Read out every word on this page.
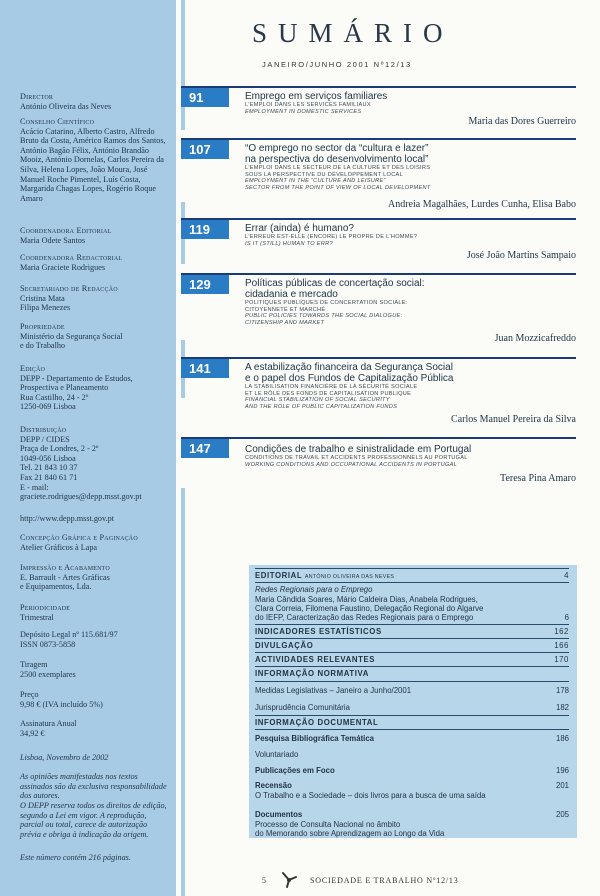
Director
António Oliveira das Neves
Conselho Científico
Acácio Catarino, Alberto Castro, Alfredo Bruto da Costa, Américo Ramos dos Santos, António Bagão Félix, António Brandão Mooiz, António Dornelas, Carlos Pereira da Silva, Helena Lopes, João Moura, José Manuel Roche Pimentel, Luís Costa, Margarida Chagas Lopes, Rogério Roque Amaro
Coordenadora Editorial
Maria Odete Santos
Coordenadora Redactorial
Maria Graciete Rodrigues
Secretariado de Redacção
Cristina Mata
Filipa Menezes
Propriedade
Ministério da Segurança Social
e do Trabalho
Edição
DEPP - Departamento de Estudos,
Prospectiva e Planeamento
Rua Castilho, 24 - 2º
1250-069 Lisboa
Distribuição
DEPP / CIDES
Praça de Londres, 2 - 2º
1049-056 Lisboa
Tel. 21 843 10 37
Fax 21 840 61 71
E - mail:
graciete.rodrigues@depp.msst.gov.pt
http://www.depp.msst.gov.pt
Concepção Gráfica e Paginação
Atelier Gráficos à Lapa
Impressão e Acabamento
E. Barrault - Artes Gráficas
e Equipamentos, Lda.
Periodicidade
Trimestral
Depósito Legal nº 115.681/97
ISSN 0873-5858
Tiragem
2500 exemplares
Preço
9,98 € (IVA incluído 5%)
Assinatura Anual
34,92 €
Lisboa, Novembro de 2002
As opiniões manifestadas nos textos assinados são da exclusiva responsabilidade dos autores.
O DEPP reserva todos os direitos de edição, segundo a Lei em vigor. A reprodução, parcial ou total, carece de autorização prévia e obriga à indicação da origem.
Este número contém 216 páginas.
SUMÁRIO
JANEIRO/JUNHO 2001 Nº12/13
91	Emprego em serviços familiares
L'EMPLOI DANS LES SERVICES FAMILIAUX
EMPLOYMENT IN DOMESTIC SERVICES
Maria das Dores Guerreiro
107	“O emprego no sector da “cultura e lazer”
na perspectiva do desenvolvimento local”
L'EMPLOI DANS LE SECTEUR DE LA CULTURE ET DES LOISIRS
SOUS LA PERSPECTIVE DU DÉVELOPPEMENT LOCAL
EMPLOYMENT IN THE “CULTURE AND LEISURE”
SECTOR FROM THE POINT OF VIEW OF LOCAL DEVELOPMENT
Andreia Magalhães, Lurdes Cunha, Elisa Babo
119	Errar (ainda) é humano?
L'ERREUR EST-ELLE (ENCORE) LE PROPRE DE L'HOMME?
IS IT (STILL) HUMAN TO ERR?
José João Martins Sampaio
129	Políticas públicas de concertação social:
cidadania e mercado
POLITIQUES PUBLIQUES DE CONCERTATION SOCIALE:
CITOYENNETÉ ET MARCHÉ
PUBLIC POLICIES TOWARDS THE SOCIAL DIALOGUE:
CITIZENSHIP AND MARKET
Juan Mozzicafreddo
141	A estabilização financeira da Segurança Social
e o papel dos Fundos de Capitalização Pública
LA STABILISATION FINANCIÈRE DE LA SÉCURITÉ SOCIALE
ET LE RÔLE DES FONDS DE CAPITALISATION PUBLIQUE
FINANCIAL STABILIZATION OF SOCIAL SECURITY
AND THE ROLE OF PUBLIC CAPITALIZATION FUNDS
Carlos Manuel Pereira da Silva
147	Condições de trabalho e sinistralidade em Portugal
CONDITIONS DE TRAVAIL ET ACCIDENTS PROFESSIONNELS AU PORTUGAL
WORKING CONDITIONS AND OCCUPATIONAL ACCIDENTS IN PORTUGAL
Teresa Pina Amaro
EDITORIAL ANTÓNIO OLIVEIRA DAS NEVES	4
Redes Regionais para o Emprego
Maria Cândida Soares, Mário Caldeira Dias, Anabela Rodrigues,
Clara Correia, Filomena Faustino, Delegação Regional do Algarve
do IEFP, Caracterização das Redes Regionais para o Emprego	6
INDICADORES ESTATÍSTICOS	162
DIVULGAÇÃO	166
ACTIVIDADES RELEVANTES	170
INFORMAÇÃO NORMATIVA
Medidas Legislativas – Janeiro a Junho/2001	178
Jurisprudência Comunitária	182
INFORMAÇÃO DOCUMENTAL
Pesquisa Bibliográfica Temática	186
Voluntariado
Publicações em Foco	196
Recensão	201
O Trabalho e a Sociedade – dois livros para a busca de uma saída
Documentos	205
Processo de Consulta Nacional no âmbito
do Memorando sobre Aprendizagem ao Longo da Vida
5	SOCIEDADE E TRABALHO Nº12/13
